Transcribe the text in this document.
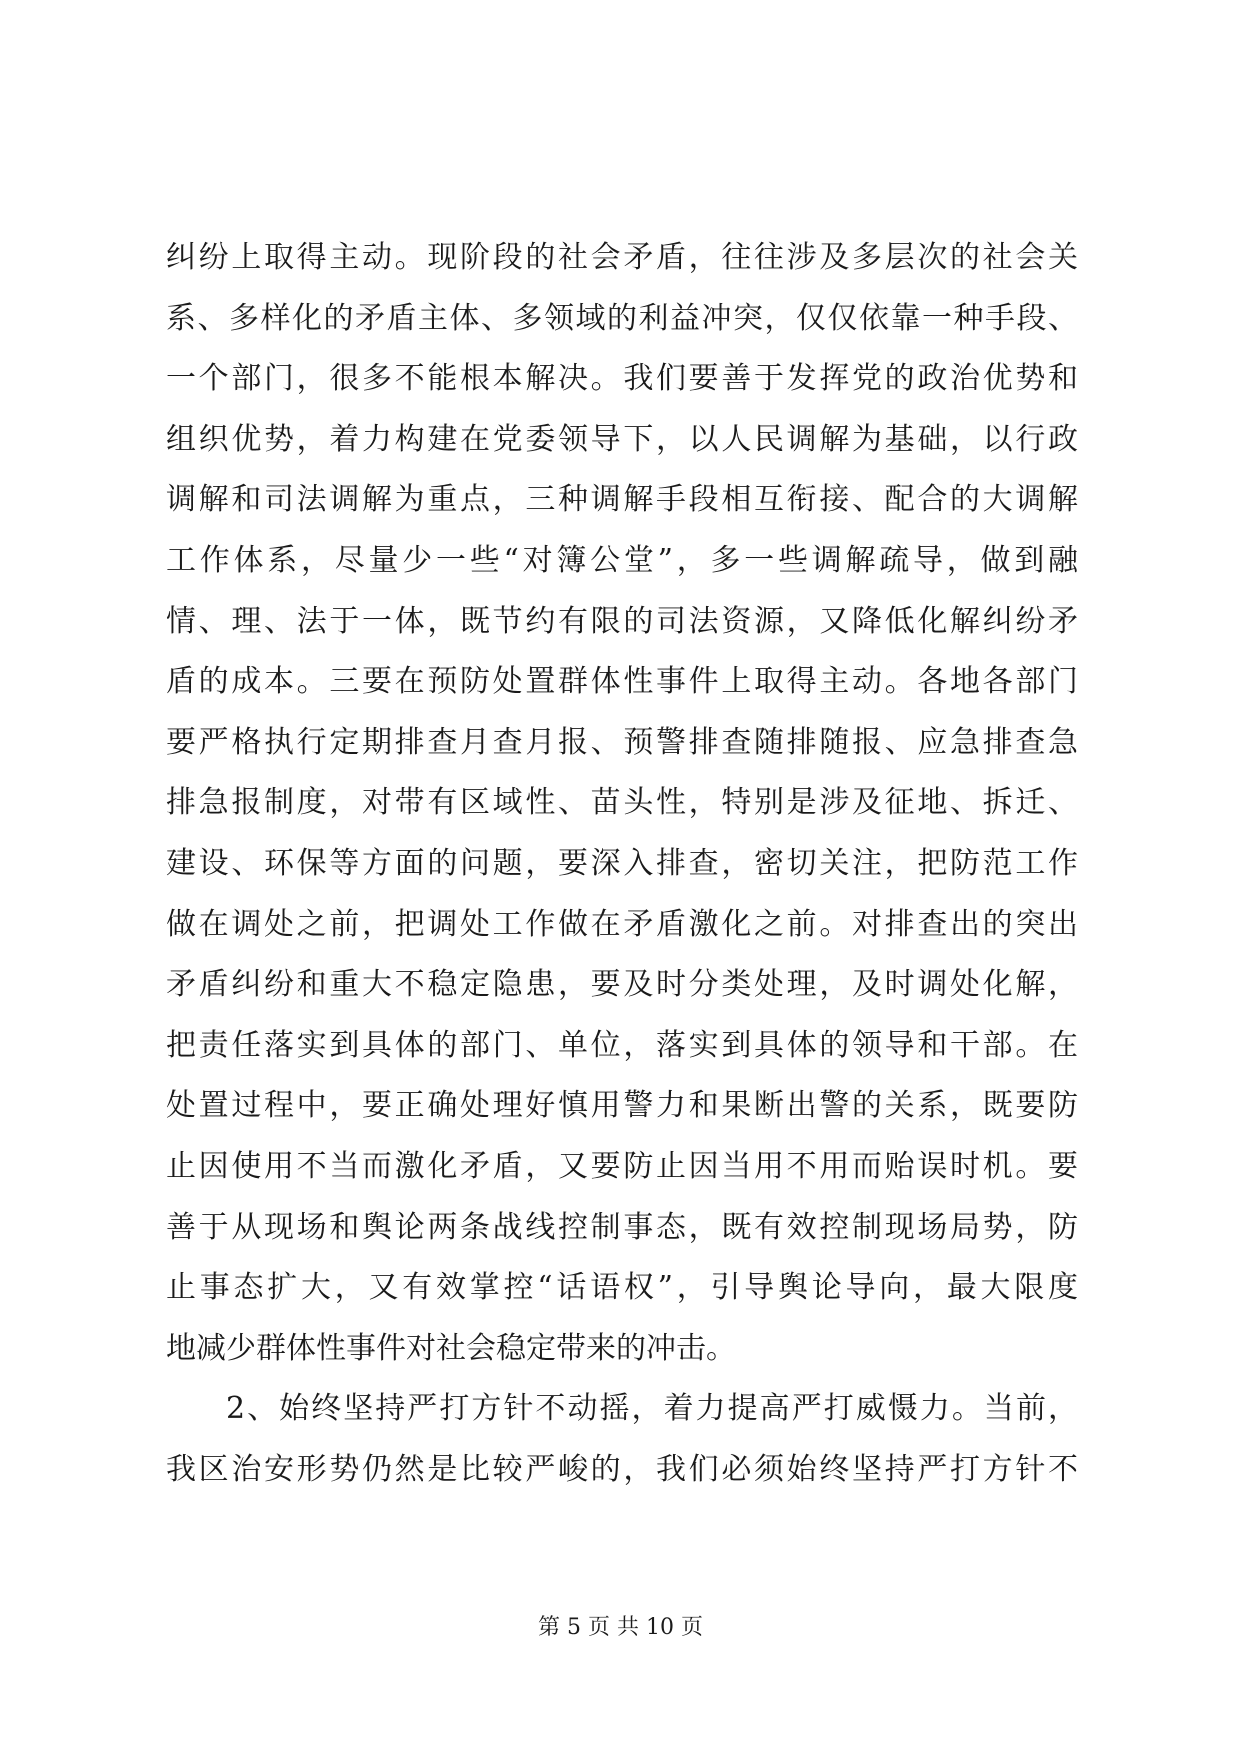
纠纷上取得主动。现阶段的社会矛盾，往往涉及多层次的社会关
系、多样化的矛盾主体、多领域的利益冲突，仅仅依靠一种手段、
一个部门，很多不能根本解决。我们要善于发挥党的政治优势和
组织优势，着力构建在党委领导下，以人民调解为基础，以行政
调解和司法调解为重点，三种调解手段相互衔接、配合的大调解
工作体系，尽量少一些“对簿公堂”，多一些调解疏导，做到融
情、理、法于一体，既节约有限的司法资源，又降低化解纠纷矛
盾的成本。三要在预防处置群体性事件上取得主动。各地各部门
要严格执行定期排查月查月报、预警排查随排随报、应急排查急
排急报制度，对带有区域性、苗头性，特别是涉及征地、拆迁、
建设、环保等方面的问题，要深入排查，密切关注，把防范工作
做在调处之前，把调处工作做在矛盾激化之前。对排查出的突出
矛盾纠纷和重大不稳定隐患，要及时分类处理，及时调处化解，
把责任落实到具体的部门、单位，落实到具体的领导和干部。在
处置过程中，要正确处理好慎用警力和果断出警的关系，既要防
止因使用不当而激化矛盾，又要防止因当用不用而贻误时机。要
善于从现场和舆论两条战线控制事态，既有效控制现场局势，防
止事态扩大，又有效掌控“话语权”，引导舆论导向，最大限度
地减少群体性事件对社会稳定带来的冲击。
2、始终坚持严打方针不动摇，着力提高严打威慑力。当前，
我区治安形势仍然是比较严峻的，我们必须始终坚持严打方针不
第 5 页 共 10 页
